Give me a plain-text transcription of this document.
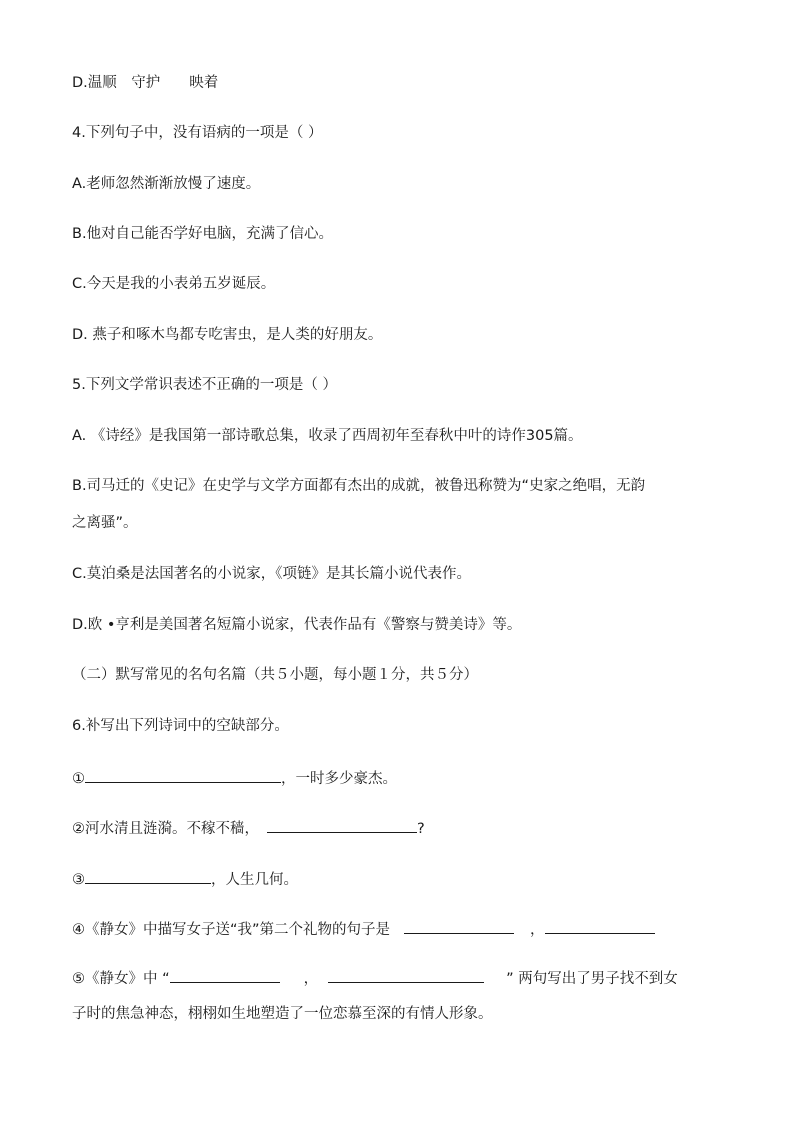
D.温顺　守护　　映着
4.下列句子中，没有语病的一项是（ ）
A.老师忽然渐渐放慢了速度。
B.他对自己能否学好电脑，充满了信心。
C.今天是我的小表弟五岁诞辰。
D. 燕子和啄木鸟都专吃害虫，是人类的好朋友。
5.下列文学常识表述不正确的一项是（ ）
A. 《诗经》是我国第一部诗歌总集，收录了西周初年至春秋中叶的诗作305篇。
B.司马迁的《史记》在史学与文学方面都有杰出的成就，被鲁迅称赞为“史家之绝唱，无韵
之离骚”。
C.莫泊桑是法国著名的小说家，《项链》是其长篇小说代表作。
D.欧 •亨利是美国著名短篇小说家，代表作品有《警察与赞美诗》等。
（二）默写常见的名句名篇（共５小题，每小题１分，共５分）
6.补写出下列诗词中的空缺部分。
①	，一时多少豪杰。
②河水清且涟漪。不稼不穑，	?
③	，人生几何。
④《静女》中描写女子送“我”第二个礼物的句子是	，
⑤《静女》中 “	，	” 两句写出了男子找不到女
子时的焦急神态，栩栩如生地塑造了一位恋慕至深的有情人形象。
